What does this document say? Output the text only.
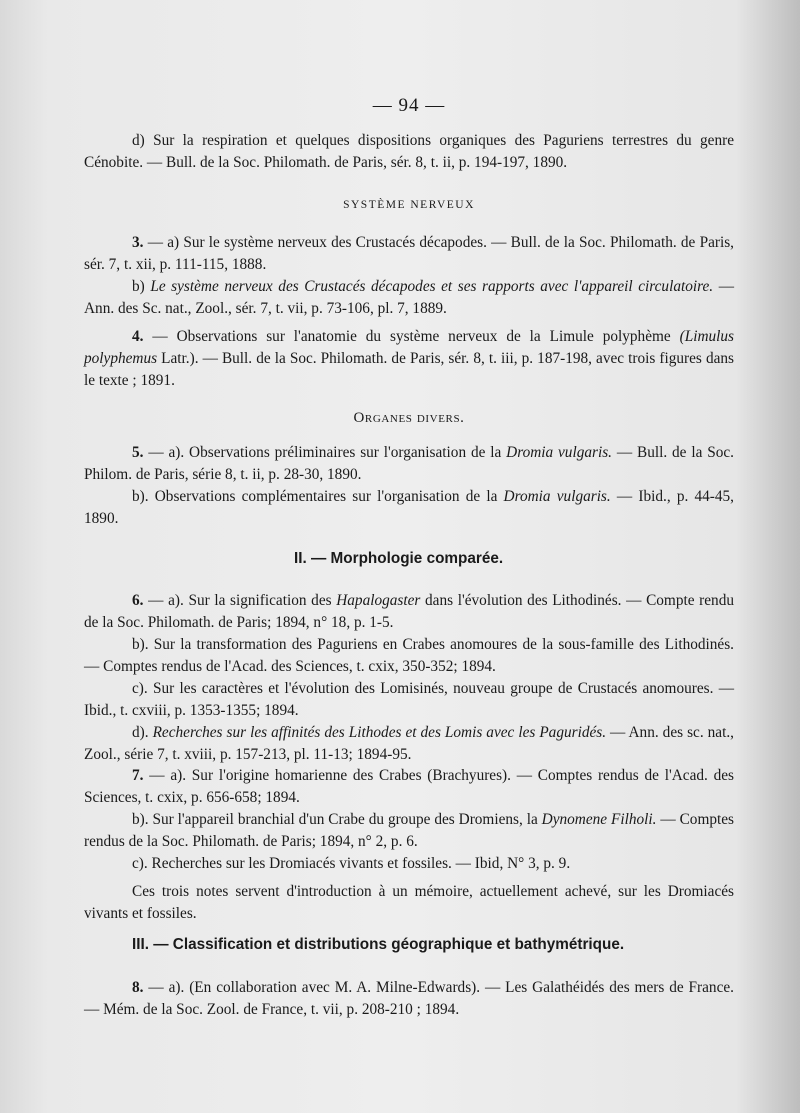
— 94 —

d) Sur la respiration et quelques dispositions organiques des Paguriens terrestres du genre Cénobite. — Bull. de la Soc. Philomath. de Paris, sér. 8, t. ii, p. 194-197, 1890.

SYSTÈME NERVEUX

3. — a) Sur le système nerveux des Crustacés décapodes. — Bull. de la Soc. Philomath. de Paris, sér. 7, t. xii, p. 111-115, 1888.

b) Le système nerveux des Crustacés décapodes et ses rapports avec l'appareil circulatoire. — Ann. des Sc. nat., Zool., sér. 7, t. vii, p. 73-106, pl. 7, 1889.

4. — Observations sur l'anatomie du système nerveux de la Limule polyphème (Limulus polyphemus Latr.). — Bull. de la Soc. Philomath. de Paris, sér. 8, t. iii, p. 187-198, avec trois figures dans le texte ; 1891.

Organes divers.

5. — a). Observations préliminaires sur l'organisation de la Dromia vulgaris. — Bull. de la Soc. Philom. de Paris, série 8, t. ii, p. 28-30, 1890.

b). Observations complémentaires sur l'organisation de la Dromia vulgaris. — Ibid., p. 44-45, 1890.

II. — Morphologie comparée.

6. — a). Sur la signification des Hapalogaster dans l'évolution des Lithodinés. — Compte rendu de la Soc. Philomath. de Paris; 1894, n° 18, p. 1-5.

b). Sur la transformation des Paguriens en Crabes anomoures de la sous-famille des Lithodinés. — Comptes rendus de l'Acad. des Sciences, t. cxix, 350-352; 1894.

c). Sur les caractères et l'évolution des Lomisinés, nouveau groupe de Crustacés anomoures. — Ibid., t. cxviii, p. 1353-1355; 1894.

d). Recherches sur les affinités des Lithodes et des Lomis avec les Paguridés. — Ann. des sc. nat., Zool., série 7, t. xviii, p. 157-213, pl. 11-13; 1894-95.

7. — a). Sur l'origine homarienne des Crabes (Brachyures). — Comptes rendus de l'Acad. des Sciences, t. cxix, p. 656-658; 1894.

b). Sur l'appareil branchial d'un Crabe du groupe des Dromiens, la Dynomene Filholi. — Comptes rendus de la Soc. Philomath. de Paris; 1894, n° 2, p. 6.

c). Recherches sur les Dromiacés vivants et fossiles. — Ibid, N° 3, p. 9.

Ces trois notes servent d'introduction à un mémoire, actuellement achevé, sur les Dromiacés vivants et fossiles.

III. — Classification et distributions géographique et bathymétrique.

8. — a). (En collaboration avec M. A. Milne-Edwards). — Les Galathéidés des mers de France. — Mém. de la Soc. Zool. de France, t. vii, p. 208-210 ; 1894.
